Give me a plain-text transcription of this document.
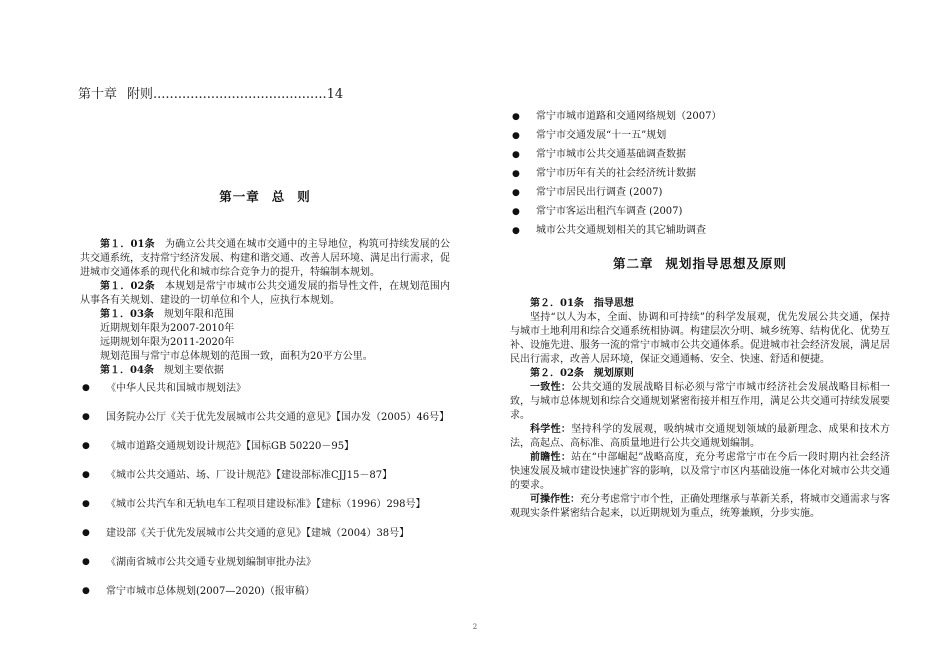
第十章 附则..........................................14

第一章 总 则

第１．01条　 为确立公共交通在城市交通中的主导地位，构筑可持续发展的公共交通系统，支持常宁经济发展、构建和谐交通、改善人居环境、满足出行需求，促进城市交通体系的现代化和城市综合竞争力的提升，特编制本规划。

第１．02条　 本规划是常宁市城市公共交通发展的指导性文件，在规划范围内从事各有关规划、建设的一切单位和个人，应执行本规划。

第１．03条　 规划年限和范围

近期规划年限为2007-2010年

远期规划年限为2011-2020年

规划范围与常宁市总体规划的范围一致，面积为20平方公里。

第１．04条　 规划主要依据

● 《中华人民共和国城市规划法》
● 国务院办公厅《关于优先发展城市公共交通的意见》【国办发（2005）46号】
● 《城市道路交通规划设计规范》【国标GB 50220－95】
● 《城市公共交通站、场、厂设计规范》【建设部标准CJJ15－87】
● 《城市公共汽车和无轨电车工程项目建设标准》【建标（1996）298号】
● 建设部《关于优先发展城市公共交通的意见》【建城（2004）38号】
● 《湖南省城市公共交通专业规划编制审批办法》
● 常宁市城市总体规划(2007—2020)（报审稿）
● 常宁市城市道路和交通网络规划（2007）
● 常宁市交通发展“十一五”规划
● 常宁市城市公共交通基础调查数据
● 常宁市历年有关的社会经济统计数据
● 常宁市居民出行调查 (2007)
● 常宁市客运出租汽车调查 (2007)
● 城市公共交通规划相关的其它辅助调查

第二章 规划指导思想及原则

第２．01条　 指导思想

坚持“以人为本，全面、协调和可持续”的科学发展观，优先发展公共交通，保持与城市土地利用和综合交通系统相协调。构建层次分明、城乡统筹、结构优化、优势互补、设施先进、服务一流的常宁市城市公共交通体系。促进城市社会经济发展，满足居民出行需求，改善人居环境，保证交通通畅、安全、快速、舒适和便捷。

第２．02条　 规划原则

一致性：公共交通的发展战略目标必须与常宁市城市经济社会发展战略目标相一致，与城市总体规划和综合交通规划紧密衔接并相互作用，满足公共交通可持续发展要求。

科学性：坚持科学的发展观，吸纳城市交通规划领域的最新理念、成果和技术方法，高起点、高标准、高质量地进行公共交通规划编制。

前瞻性：站在“中部崛起”战略高度，充分考虑常宁市在今后一段时期内社会经济快速发展及城市建设快速扩容的影响，以及常宁市区内基础设施一体化对城市公共交通的要求。

可操作性：充分考虑常宁市个性，正确处理继承与革新关系，将城市交通需求与客观现实条件紧密结合起来，以近期规划为重点，统筹兼顾，分步实施。

2
